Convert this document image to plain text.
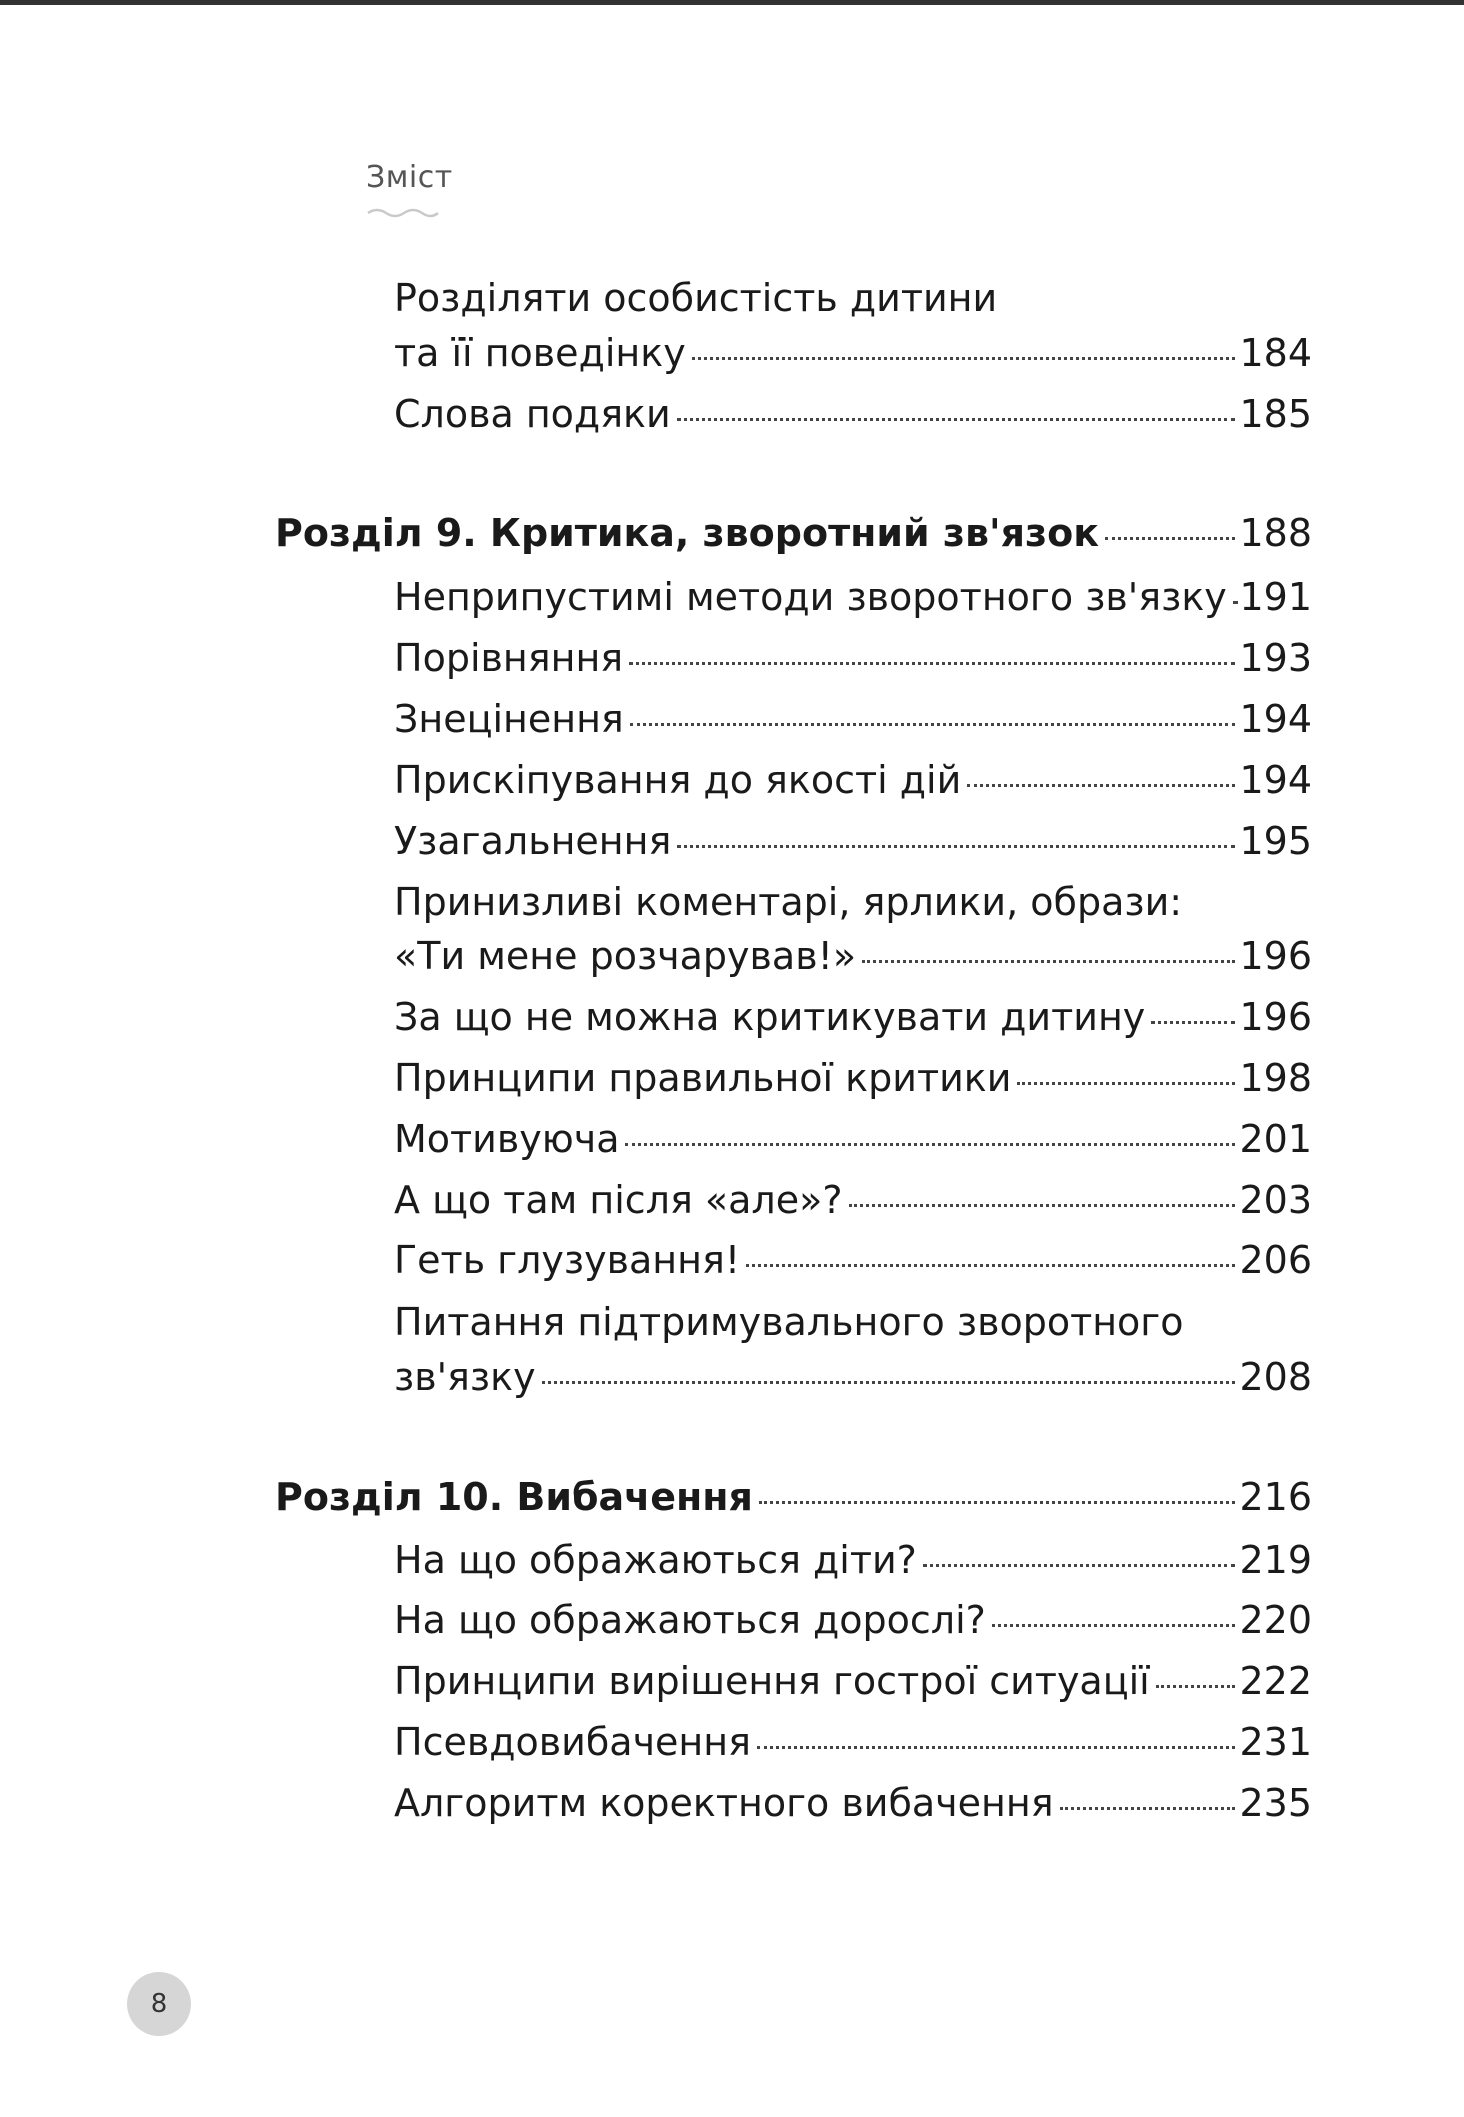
Зміст
Розділяти особистість дитини
та її поведінку	184
Слова подяки	185
Розділ 9. Критика, зворотний зв'язок	188
Неприпустимі методи зворотного зв'язку 191
Порівняння	193
Знецінення	194
Прискіпування до якості дій	194
Узагальнення	195
Принизливі коментарі, ярлики, образи:
«Ти мене розчарував!»	196
За що не можна критикувати дитину 196
Принципи правильної критики	198
Мотивуюча	201
А що там після «але»?	203
Геть глузування!	206
Питання підтримувального зворотного
зв'язку	208
Розділ 10. Вибачення	216
На що ображаються діти?	219
На що ображаються дорослі?	220
Принципи вирішення гострої ситуації 222
Псевдовибачення	231
Алгоритм коректного вибачення	235
8
